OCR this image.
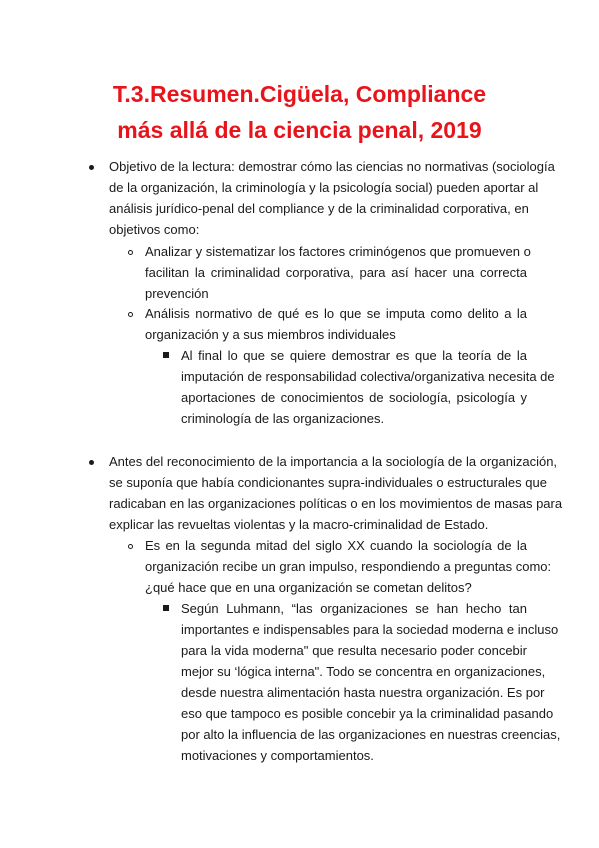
T.3.Resumen.Cigüela, Compliance
más allá de la ciencia penal, 2019
Objetivo de la lectura: demostrar cómo las ciencias no normativas (sociología
de la organización, la criminología y la psicología social) pueden aportar al
análisis jurídico-penal del compliance y de la criminalidad corporativa, en
objetivos como:
Analizar y sistematizar los factores criminógenos que promueven o
facilitan la criminalidad corporativa, para así hacer una correcta
prevención
Análisis normativo de qué es lo que se imputa como delito a la
organización y a sus miembros individuales
Al final lo que se quiere demostrar es que la teoría de la
imputación de responsabilidad colectiva/organizativa necesita de
aportaciones de conocimientos de sociología, psicología y
criminología de las organizaciones.
Antes del reconocimiento de la importancia a la sociología de la organización,
se suponía que había condicionantes supra-individuales o estructurales que
radicaban en las organizaciones políticas o en los movimientos de masas para
explicar las revueltas violentas y la macro-criminalidad de Estado.
Es en la segunda mitad del siglo XX cuando la sociología de la
organización recibe un gran impulso, respondiendo a preguntas como:
¿qué hace que en una organización se cometan delitos?
Según Luhmann, “las organizaciones se han hecho tan
importantes e indispensables para la sociedad moderna e incluso
para la vida moderna" que resulta necesario poder concebir
mejor su ‘lógica interna". Todo se concentra en organizaciones,
desde nuestra alimentación hasta nuestra organización. Es por
eso que tampoco es posible concebir ya la criminalidad pasando
por alto la influencia de las organizaciones en nuestras creencias,
motivaciones y comportamientos.
